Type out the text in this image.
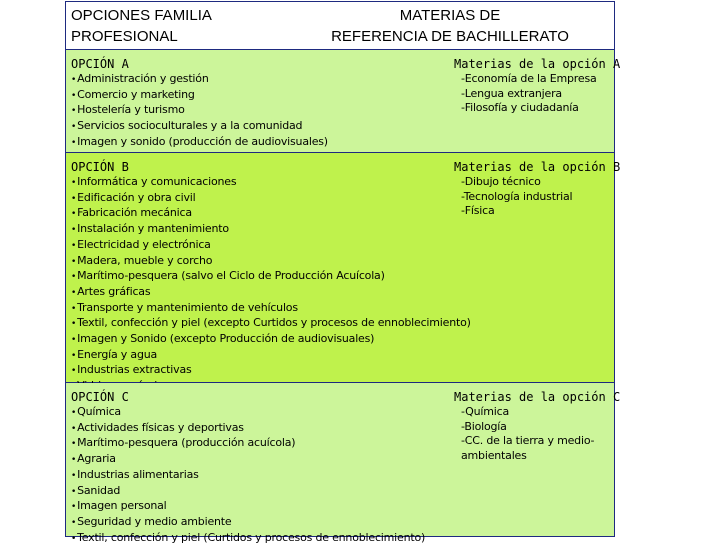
OPCIONES FAMILIA
PROFESIONAL
MATERIAS DE
REFERENCIA DE BACHILLERATO
OPCIÓN A
•Administración y gestión
•Comercio y marketing
•Hostelería y turismo
•Servicios socioculturales y a la comunidad
•Imagen y sonido (producción de audiovisuales)
Materias de la opción A
-Economía de la Empresa
-Lengua extranjera
-Filosofía y ciudadanía
OPCIÓN B
•Informática y comunicaciones
•Edificación y obra civil
•Fabricación mecánica
•Instalación y mantenimiento
•Electricidad y electrónica
•Madera, mueble y corcho
•Marítimo-pesquera (salvo el Ciclo de Producción Acuícola)
•Artes gráficas
•Transporte y mantenimiento de vehículos
•Textil, confección y piel (excepto Curtidos y procesos de ennoblecimiento)
•Imagen y Sonido (excepto Producción de audiovisuales)
•Energía y agua
•Industrias extractivas
Materias de la opción B
-Dibujo técnico
-Tecnología industrial
-Física
OPCIÓN C
•Química
•Actividades físicas y deportivas
•Marítimo-pesquera (producción acuícola)
•Agraria
•Industrias alimentarias
•Sanidad
•Imagen personal
•Seguridad y medio ambiente
•Textil, confección y piel (Curtidos y procesos de ennoblecimiento)
Materias de la opción C
-Química
-Biología
-CC. de la tierra y medio-ambientales
